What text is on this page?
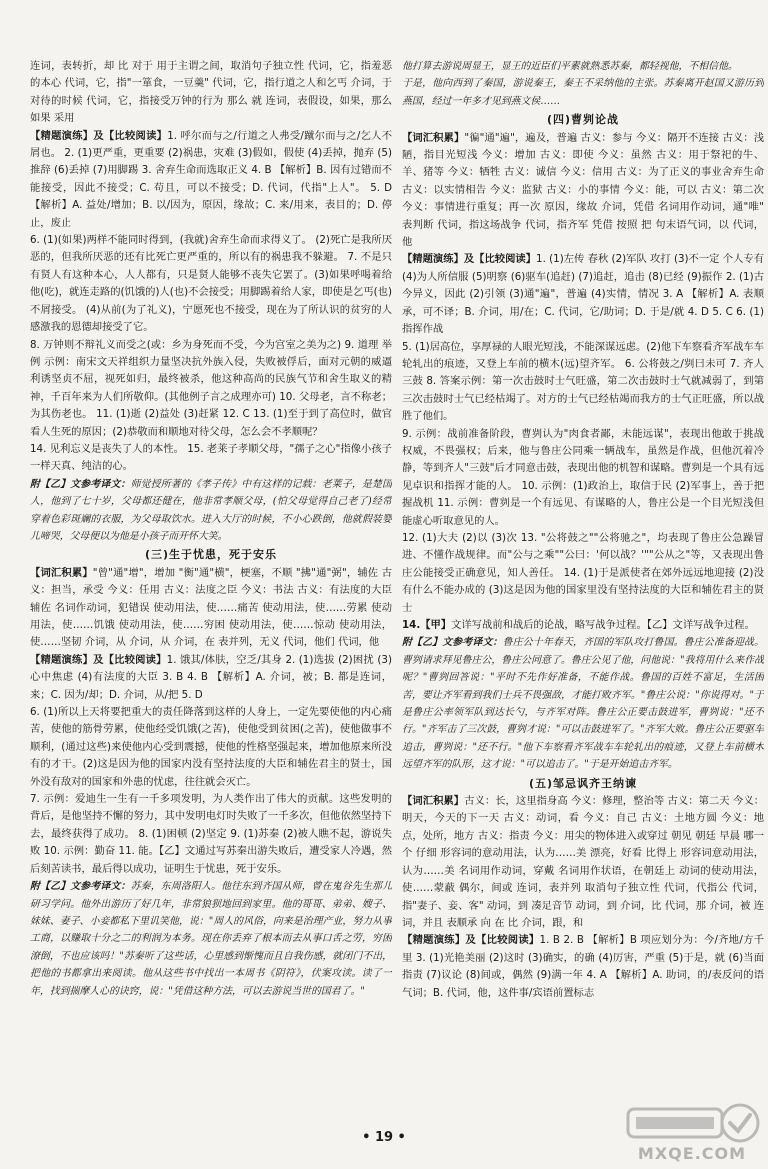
连词，表转折，却 比 对于 用于主谓之间，取消句子独立性 代词，它，指羞恶的本心 代词，它，指"一箪食，一豆羹" 代词，它，指行道之人和乞丐 介词，于对待的时候 代词，它，指接受万钟的行为 那么 就 连词，表假设，如果，那么 如果 采用

【精题演练】及【比较阅读】1. 呼尔而与之/行道之人弗受/蹴尔而与之/乞人不屑也。 2. (1)更严重，更重要 (2)祸患，灾难 (3)假如，假使 (4)丢掉，抛弃 (5)推辞 (6)丢掉 (7)用脚踢 3. 舍弃生命而选取正义 4. B 【解析】B. 因有过错而不能接受，因此不接受；C. 苟且，可以不接受；D. 代词，代指"上人"。 5. D 【解析】A. 益处/增加；B. 以/因为，原因，缘故；C. 来/用来，表目的；D. 停止，废止

6. (1)(如果)两样不能同时得到，(我就)舍弃生命而求得义了。 (2)死亡是我所厌恶的，但我所厌恶的还有比死亡更严重的，所以有的祸患我不躲避。 7. 不是只有贤人有这种本心，人人都有，只是贤人能够不丧失它罢了。(3)如果呼喝着给他(吃)，就连走路的(饥饿的)人(也)不会接受；用脚踢着给人家，即使是乞丐(也)不屑接受。 (4)从前(为了礼义)，宁愿死也不接受，现在为了所认识的贫穷的人感激我的恩德却接受了它。

8. 万钟则不辩礼义而受之(或：乡为身死而不受，今为宫室之美为之) 9. 道理 举例 示例：南宋文天祥组织力量坚决抗外族入侵，失败被俘后，面对元朝的威逼利诱坚贞不屈，视死如归，最终被杀，他这种高尚的民族气节和舍生取义的精神，千百年来为人们所敬仰。(其他例子言之成理亦可) 10. 父母老，言不称老；为其伤老也。 11. (1)逝 (2)益处 (3)赶紧 12. C 13. (1)至于到了高位时，做官看人生死的原因；(2)恭敬而和顺地对待父母，怎么会不孝顺呢？

14. 见利忘义是丧失了人的本性。 15. 老莱子孝顺父母，"孺子之心"指像小孩子一样天真、纯洁的心。

附【乙】文参考译文：师觉授所著的《孝子传》中有这样的记载：老莱子，是楚国人，他到了七十岁，父母都还健在，他非常孝顺父母，(怕父母觉得自己老了)经常穿着色彩斑斓的衣服，为父母取饮水。进入大厅的时候，不小心跌倒，他就假装婴儿啼哭，父母便以为他是小孩子而开怀大笑。

(三)生于忧患，死于安乐

【词汇积累】"曾"通"增"，增加 "衡"通"横"，梗塞，不顺 "拂"通"弼"，辅佐 古义：担当，承受 今义：任用 古义：法度之臣 今义：书法 古义：有法度的大臣 辅佐 名词作动词，犯错误 使动用法，使……痛苦 使动用法，使……劳累 使动用法，使……饥饿 使动用法，使……穷困 使动用法，使……惊动 使动用法，使……坚韧 介词，从 介词，从 介词，在 表并列，无义 代词，他们 代词，他

【精题演练】及【比较阅读】1. 饿其/体肤，空乏/其身 2. (1)选拔 (2)困扰 (3)心中焦虑 (4)有法度的大臣 3. B 4. B 【解析】A. 介词，被；B. 都是连词，来；C. 因为/却；D. 介词，从/把 5. D

6. (1)所以上天将要把重大的责任降落到这样的人身上，一定先要使他的内心痛苦，使他的筋骨劳累，使他经受饥饿(之苦)，使他受到贫困(之苦)，使他做事不顺利，(通过这些)来使他内心受到震撼，使他的性格坚强起来，增加他原来所没有的才干。(2)这是因为他的国家内没有坚持法度的大臣和辅佐君主的贤士，国外没有敌对的国家和外患的忧虑，往往就会灭亡。

7. 示例：爱迪生一生有一千多项发明，为人类作出了伟大的贡献。这些发明的背后，是他坚持不懈的努力，其中发明电灯时失败了一千多次，但他依然坚持下去，最终获得了成功。 8. (1)困顿 (2)坚定 9. (1)苏秦 (2)被人瞧不起，游说失败 10. 示例：勤奋 11. 能。【乙】文通过写苏秦出游失败后，遭受家人冷遇，然后刻苦读书，最后得以成功，证明生于忧患，死于安乐。

附【乙】文参考译文：苏秦，东周洛阳人。他往东到齐国从师，曾在鬼谷先生那儿研习学问。他外出游历了好几年，非常狼狈地回到家里。他的哥哥、弟弟、嫂子、妹妹、妻子、小妾都私下里讥笑他，说："周人的风俗，向来是治理产业，努力从事工商，以赚取十分之二的利润为本务。现在你丢弃了根本而去从事口舌之劳，穷困潦倒，不也应该吗！"苏秦听了这些话，心里感到惭愧而且自我伤感，就闭门不出，把他的书都拿出来阅读。他从这些书中找出一本周书《阴符》，伏案攻读。读了一年，找到揣摩人心的诀窍，说："凭借这种方法，可以去游说当世的国君了。"

他打算去游说周显王，显王的近臣们平素就熟悉苏秦，都轻视他，不相信他。

于是，他向西到了秦国，游说秦王，秦王不采纳他的主张。苏秦离开赵国又游历到燕国，经过一年多才见到燕文侯……

(四)曹刿论战

【词汇积累】"徧"通"遍"，遍及，普遍 古义：参与 今义：隔开不连接 古义：浅陋，指目光短浅 今义：增加 古义：即使 今义：虽然 古义：用于祭祀的牛、羊、猪等 今义：牺牲 古义：诚信 今义：信用 古义：为了正义的事业舍弃生命 古义：以实情相告 今义：监狱 古义：小的事情 今义：能，可以 古义：第二次 今义：事情进行重复；再一次 原因，缘故 介词，凭借 名词用作动词，通"唯" 表判断 代词，指这场战争 代词，指齐军 凭借 按照 把 句末语气词，以 代词，他

【精题演练】及【比较阅读】1. (1)左传 春秋 (2)军队 攻打 (3)不一定 个人专有 (4)为人所信服 (5)明察 (6)驱车(追赶) (7)追赶，追击 (8)已经 (9)振作 2. (1)古今异义，因此 (2)引领 (3)通"遍"，普遍 (4)实情，情况 3. A 【解析】A. 表顺承，可不译；B. 介词，用/在；C. 代词，它/助词；D. 于是/就 4. D 5. C 6. (1)指挥作战

5. (1)居高位，享厚禄的人眼光短浅，不能深谋远虑。(2)他下车察看齐军战车车轮轧出的痕迹，又登上车前的横木(远)望齐军。 6. 公将鼓之/刿曰未可 7. 齐人三鼓 8. 答案示例：第一次击鼓时士气旺盛，第二次击鼓时士气就减弱了，到第三次击鼓时士气已经枯竭了。对方的士气已经枯竭而我方的士气正旺盛，所以战胜了他们。

9. 示例：战前准备阶段，曹刿认为"肉食者鄙，未能远谋"，表现出他敢于挑战权威，不畏强权；后来，他与鲁庄公同乘一辆战车，虽然是作战，但他沉着冷静，等到齐人"三鼓"后才同意击鼓，表现出他的机智和谋略。曹刿是一个具有远见卓识和指挥才能的人。 10. 示例：(1)政治上，取信于民 (2)军事上，善于把握战机 11. 示例：曹刿是一个有远见、有谋略的人，鲁庄公是一个目光短浅但能虚心听取意见的人。

12. (1)大夫 (2)以 (3)次 13. "公将鼓之""公将驰之"，均表现了鲁庄公急躁冒进、不懂作战规律。而"公与之乘""公曰：'何以战？'""公从之"等，又表现出鲁庄公能接受正确意见，知人善任。 14. (1)于是派使者在郊外远远地迎接 (2)没有什么不能办成的 (3)这是因为他的国家里没有坚持法度的大臣和辅佐君主的贤士

14.【甲】文详写战前和战后的论战，略写战争过程。【乙】文详写战争过程。

附【乙】文参考译文：鲁庄公十年春天，齐国的军队攻打鲁国。鲁庄公准备迎战。曹刿请求拜见鲁庄公，鲁庄公同意了。鲁庄公见了他，问他说："我将用什么来作战呢？"曹刿回答说："平时不先作好准备，不能作战。鲁国的百姓不富足，生活困苦，要让齐军看到我们士兵不畏强敌，才能打败齐军。"鲁庄公说："你说得对。"于是鲁庄公率领军队到达长勺，与齐军对阵。鲁庄公正要击鼓进军，曹刿说："还不行。"齐军击了三次鼓，曹刿才说："可以击鼓进军了。"齐军大败。鲁庄公正要驱车追击，曹刿说："还不行。"他下车察看齐军战车车轮轧出的痕迹，又登上车前横木远望齐军的队形，这才说："可以追击了。"于是开始追击齐军。

(五)邹忌讽齐王纳谏

【词汇积累】古义：长，这里指身高 今义：修理，整治等 古义：第二天 今义：明天，今天的下一天 古义：动词，看 今义：自己 古义：土地方圆 今义：地点，处所，地方 古义：指责 今义：用尖的物体进入或穿过 朝见 朝廷 早晨 哪一个 仔细 形容词的意动用法，认为……美 漂亮，好看 比得上 形容词意动用法，认为……美 名词用作动词，穿戴 名词用作状语，在朝廷上 动词的使动用法，使……蒙蔽 偶尔，间或 连词，表并列 取消句子独立性 代词，代指公 代词，指"妻子、妾、客" 动词，到 凑足音节 动词，到 介词，比 代词，那 介词，被 连词，并且 表顺承 向 在 比 介词，跟，和

【精题演练】及【比较阅读】1. B 2. B 【解析】B 项应划分为：今/齐地/方千里 3. (1)光艳美丽 (2)这时 (3)确实，的确 (4)厉害，严重 (5)于是，就 (6)当面指责 (7)议论 (8)间或，偶然 (9)满一年 4. A 【解析】A. 助词，的/表反问的语气词；B. 代词，他，这件事/宾语前置标志

• 19 •
MXQE.COM
